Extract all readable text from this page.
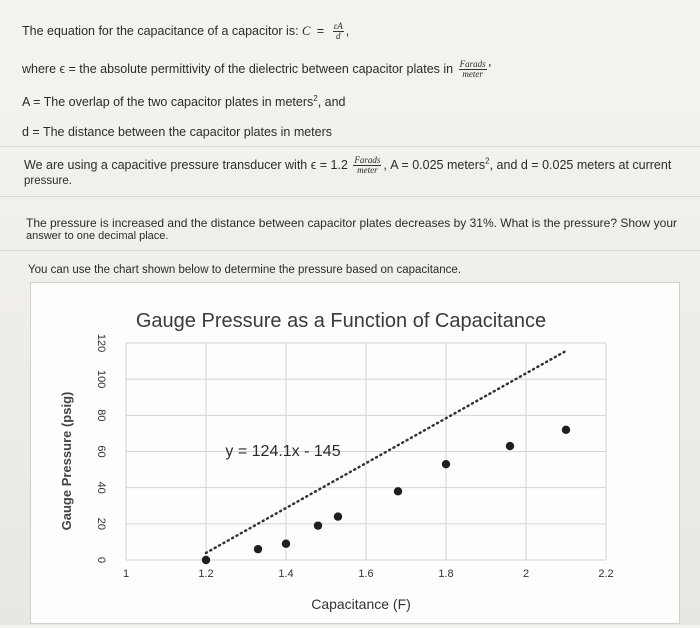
The equation for the capacitance of a capacitor is: $C = \frac{\varepsilon A}{d}$ ,
where ϵ = the absolute permittivity of the dielectric between capacitor plates in $\frac{\text{Farads}}{\text{meter}}$ '
A = The overlap of the two capacitor plates in meters$^2$, and
d = The distance between the capacitor plates in meters
We are using a capacitive pressure transducer with $\epsilon = 1.2 \frac{\text{Farads}}{\text{meter}}$ , A = 0.025 meters$^2$, and d = 0.025 meters at current
pressure.
The pressure is increased and the distance between capacitor plates decreases by 31%. What is the pressure? Show your
answer to one decimal place.
You can use the chart shown below to determine the pressure based on capacitance.
Gauge Pressure as a Function of Capacitance
1	1.2	1.4	1.6	1.8	2	2.2
0
20
40
60
80
100
120
y = 124.1x - 145
Capacitance (F)
Gauge Pressure (psig)
